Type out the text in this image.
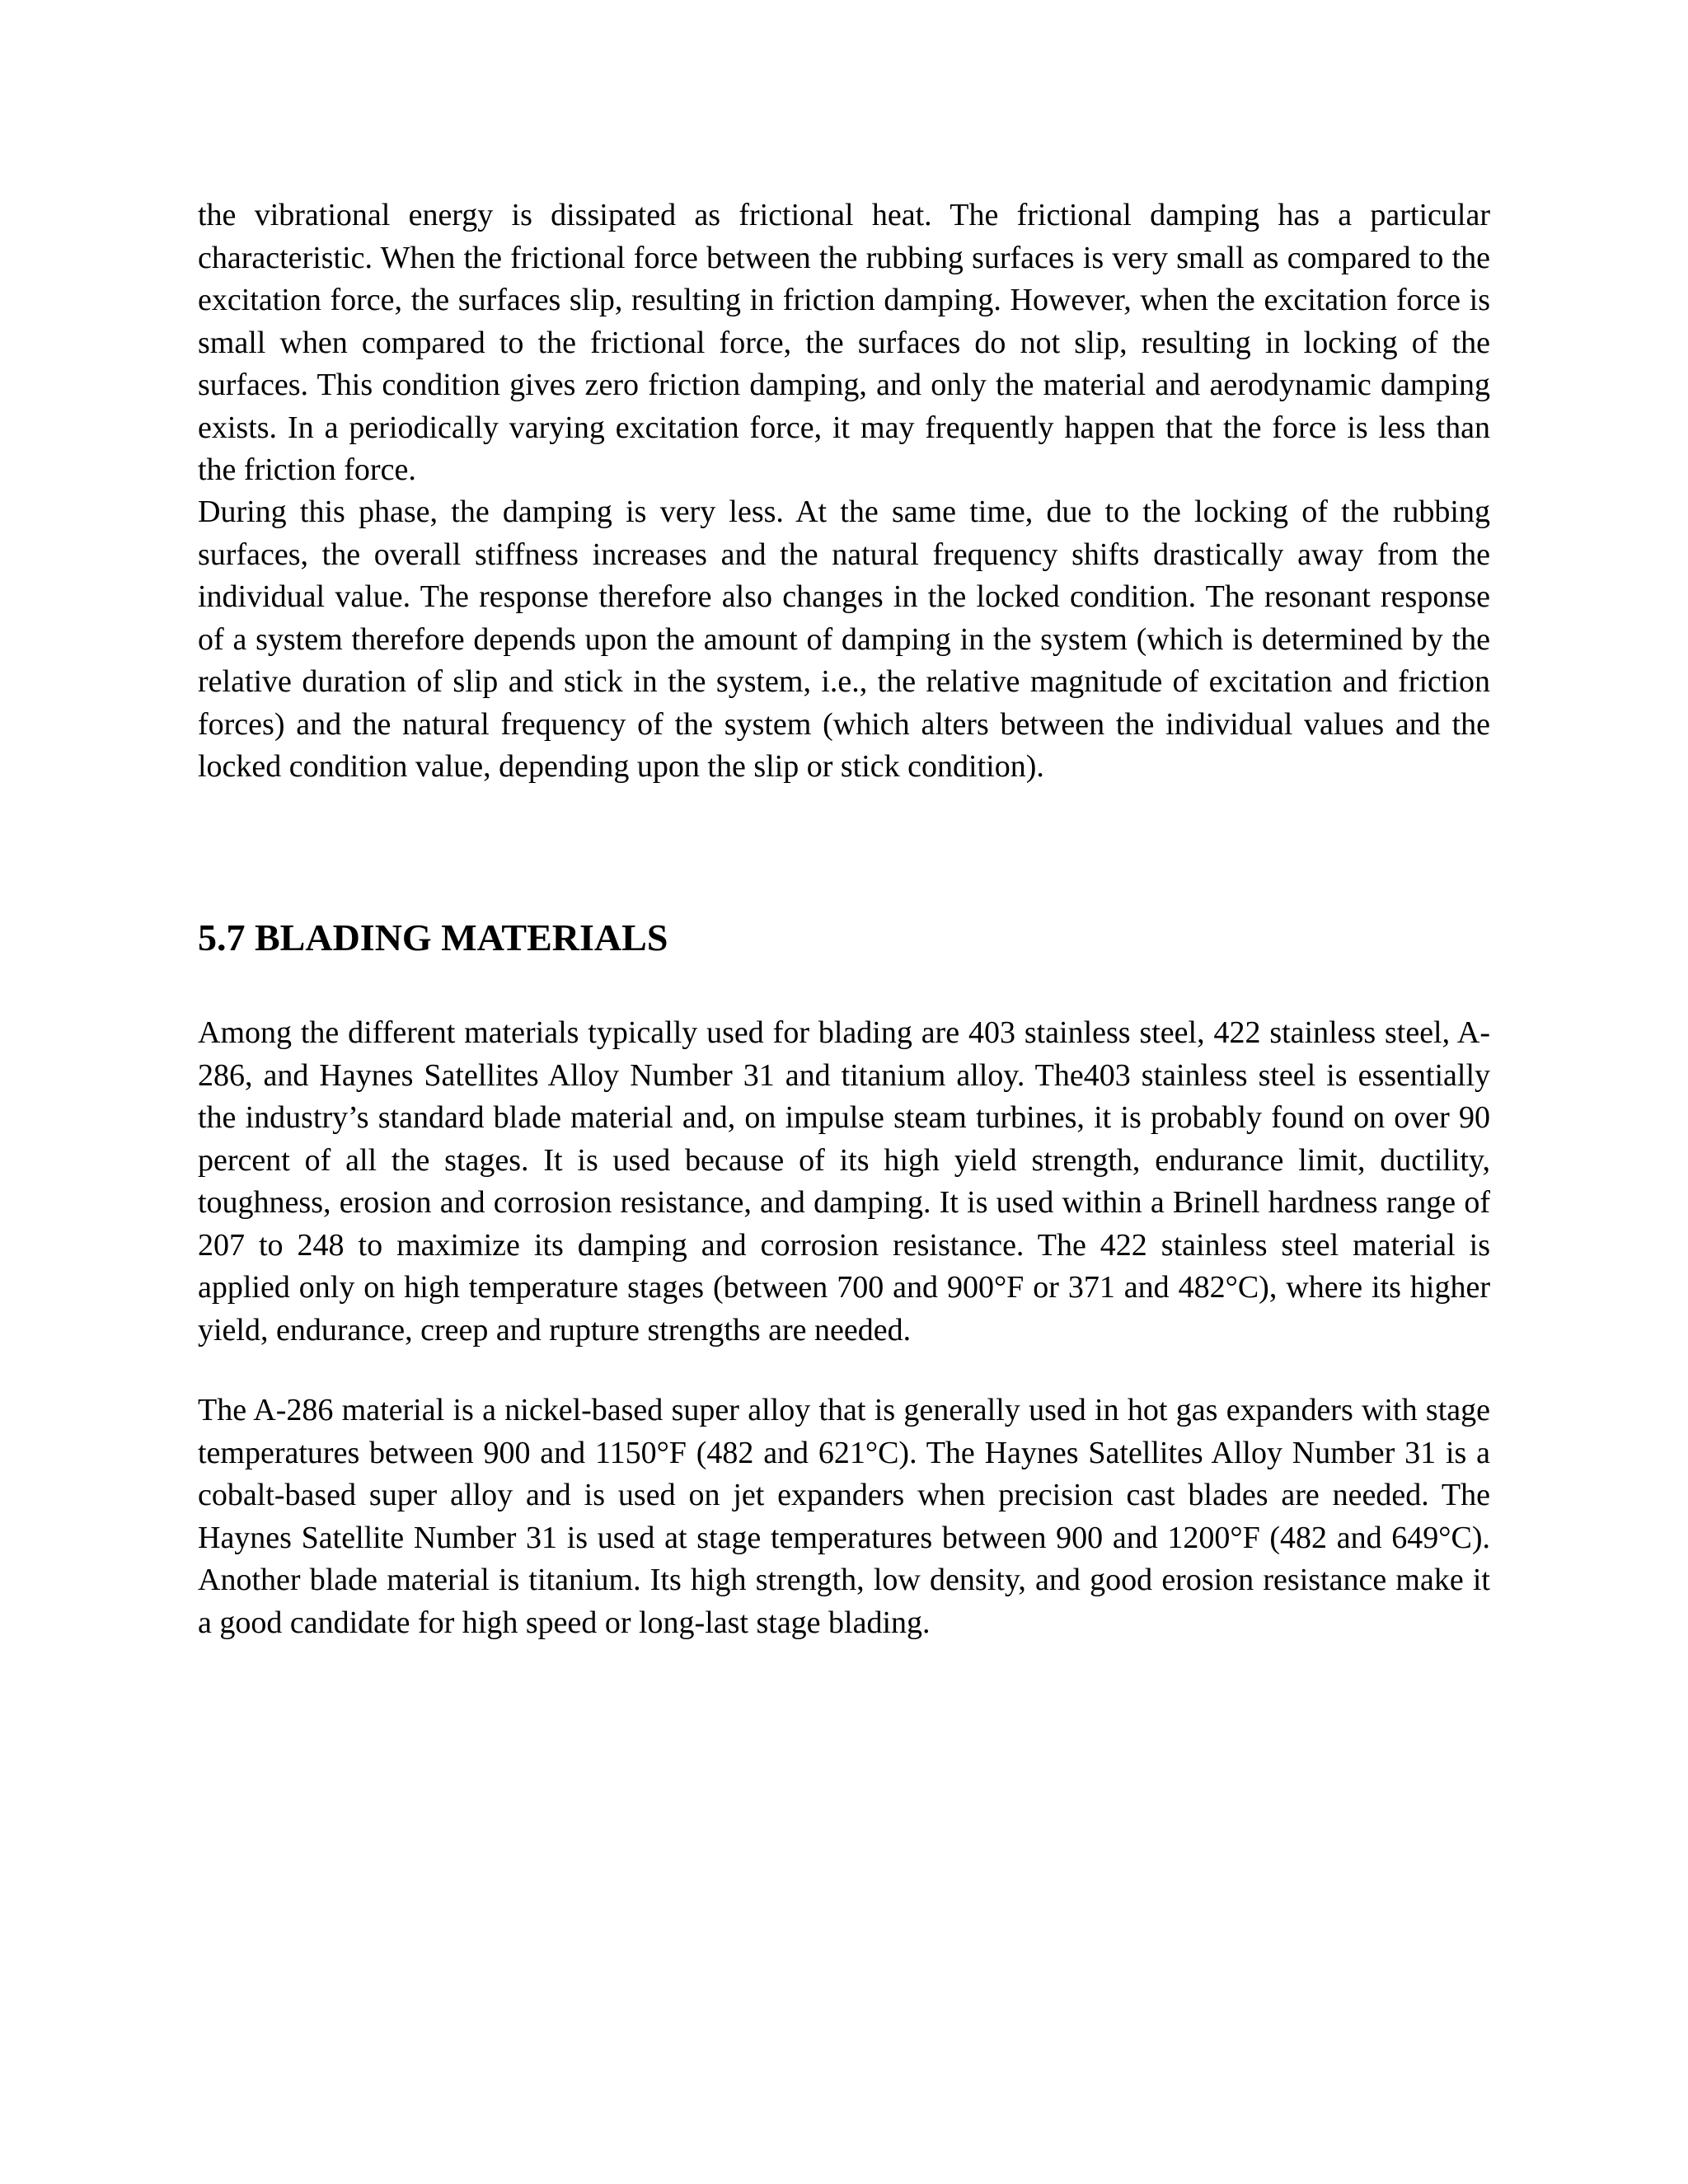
the vibrational energy is dissipated as frictional heat. The frictional damping has a particular characteristic. When the frictional force between the rubbing surfaces is very small as compared to the excitation force, the surfaces slip, resulting in friction damping. However, when the excitation force is small when compared to the frictional force, the surfaces do not slip, resulting in locking of the surfaces. This condition gives zero friction damping, and only the material and aerodynamic damping exists. In a periodically varying excitation force, it may frequently happen that the force is less than the friction force.

During this phase, the damping is very less. At the same time, due to the locking of the rubbing surfaces, the overall stiffness increases and the natural frequency shifts drastically away from the individual value. The response therefore also changes in the locked condition. The resonant response of a system therefore depends upon the amount of damping in the system (which is determined by the relative duration of slip and stick in the system, i.e., the relative magnitude of excitation and friction forces) and the natural frequency of the system (which alters between the individual values and the locked condition value, depending upon the slip or stick condition).

5.7 BLADING MATERIALS

Among the different materials typically used for blading are 403 stainless steel, 422 stainless steel, A-286, and Haynes Satellites Alloy Number 31 and titanium alloy. The403 stainless steel is essentially the industry’s standard blade material and, on impulse steam turbines, it is probably found on over 90 percent of all the stages. It is used because of its high yield strength, endurance limit, ductility, toughness, erosion and corrosion resistance, and damping. It is used within a Brinell hardness range of 207 to 248 to maximize its damping and corrosion resistance. The 422 stainless steel material is applied only on high temperature stages (between 700 and 900°F or 371 and 482°C), where its higher yield, endurance, creep and rupture strengths are needed.

The A-286 material is a nickel-based super alloy that is generally used in hot gas expanders with stage temperatures between 900 and 1150°F (482 and 621°C). The Haynes Satellites Alloy Number 31 is a cobalt-based super alloy and is used on jet expanders when precision cast blades are needed. The Haynes Satellite Number 31 is used at stage temperatures between 900 and 1200°F (482 and 649°C). Another blade material is titanium. Its high strength, low density, and good erosion resistance make it a good candidate for high speed or long-last stage blading.
